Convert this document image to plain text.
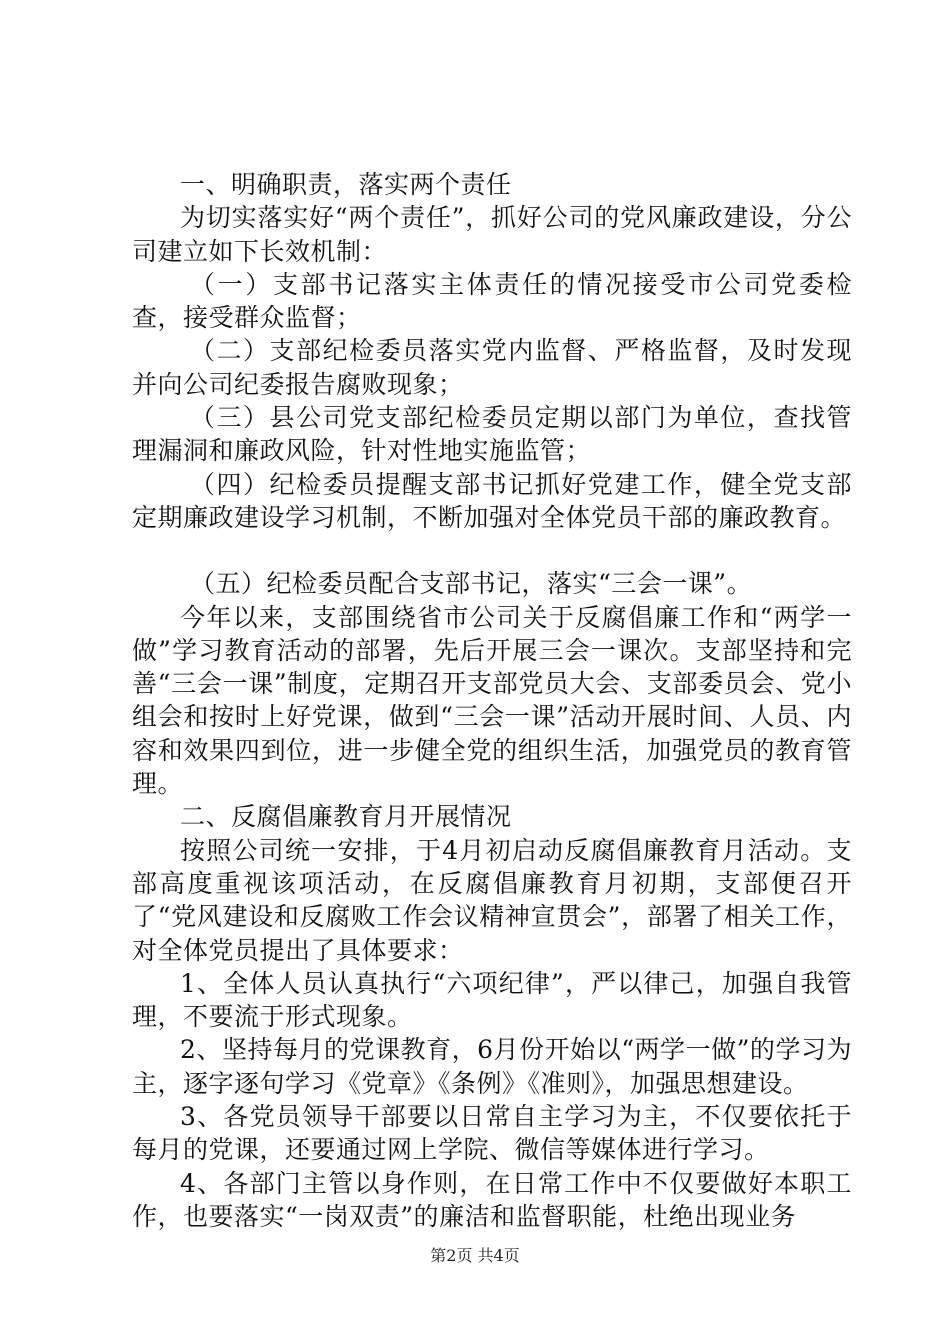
一、明确职责，落实两个责任

为切实落实好“两个责任”，抓好公司的党风廉政建设，分公司建立如下长效机制：

（一）支部书记落实主体责任的情况接受市公司党委检查，接受群众监督；

（二）支部纪检委员落实党内监督、严格监督，及时发现并向公司纪委报告腐败现象；

（三）县公司党支部纪检委员定期以部门为单位，查找管理漏洞和廉政风险，针对性地实施监管；

（四）纪检委员提醒支部书记抓好党建工作，健全党支部定期廉政建设学习机制，不断加强对全体党员干部的廉政教育。

（五）纪检委员配合支部书记，落实“三会一课”。

今年以来，支部围绕省市公司关于反腐倡廉工作和“两学一做”学习教育活动的部署，先后开展三会一课次。支部坚持和完善“三会一课”制度，定期召开支部党员大会、支部委员会、党小组会和按时上好党课，做到“三会一课”活动开展时间、人员、内容和效果四到位，进一步健全党的组织生活，加强党员的教育管理。

二、反腐倡廉教育月开展情况

按照公司统一安排，于4月初启动反腐倡廉教育月活动。支部高度重视该项活动，在反腐倡廉教育月初期，支部便召开了“党风建设和反腐败工作会议精神宣贯会”，部署了相关工作，对全体党员提出了具体要求：

1、全体人员认真执行“六项纪律”，严以律己，加强自我管理，不要流于形式现象。

2、坚持每月的党课教育，6月份开始以“两学一做”的学习为主，逐字逐句学习《党章》《条例》《准则》，加强思想建设。

3、各党员领导干部要以日常自主学习为主，不仅要依托于每月的党课，还要通过网上学院、微信等媒体进行学习。

4、各部门主管以身作则，在日常工作中不仅要做好本职工作，也要落实“一岗双责”的廉洁和监督职能，杜绝出现业务

第2页 共4页
